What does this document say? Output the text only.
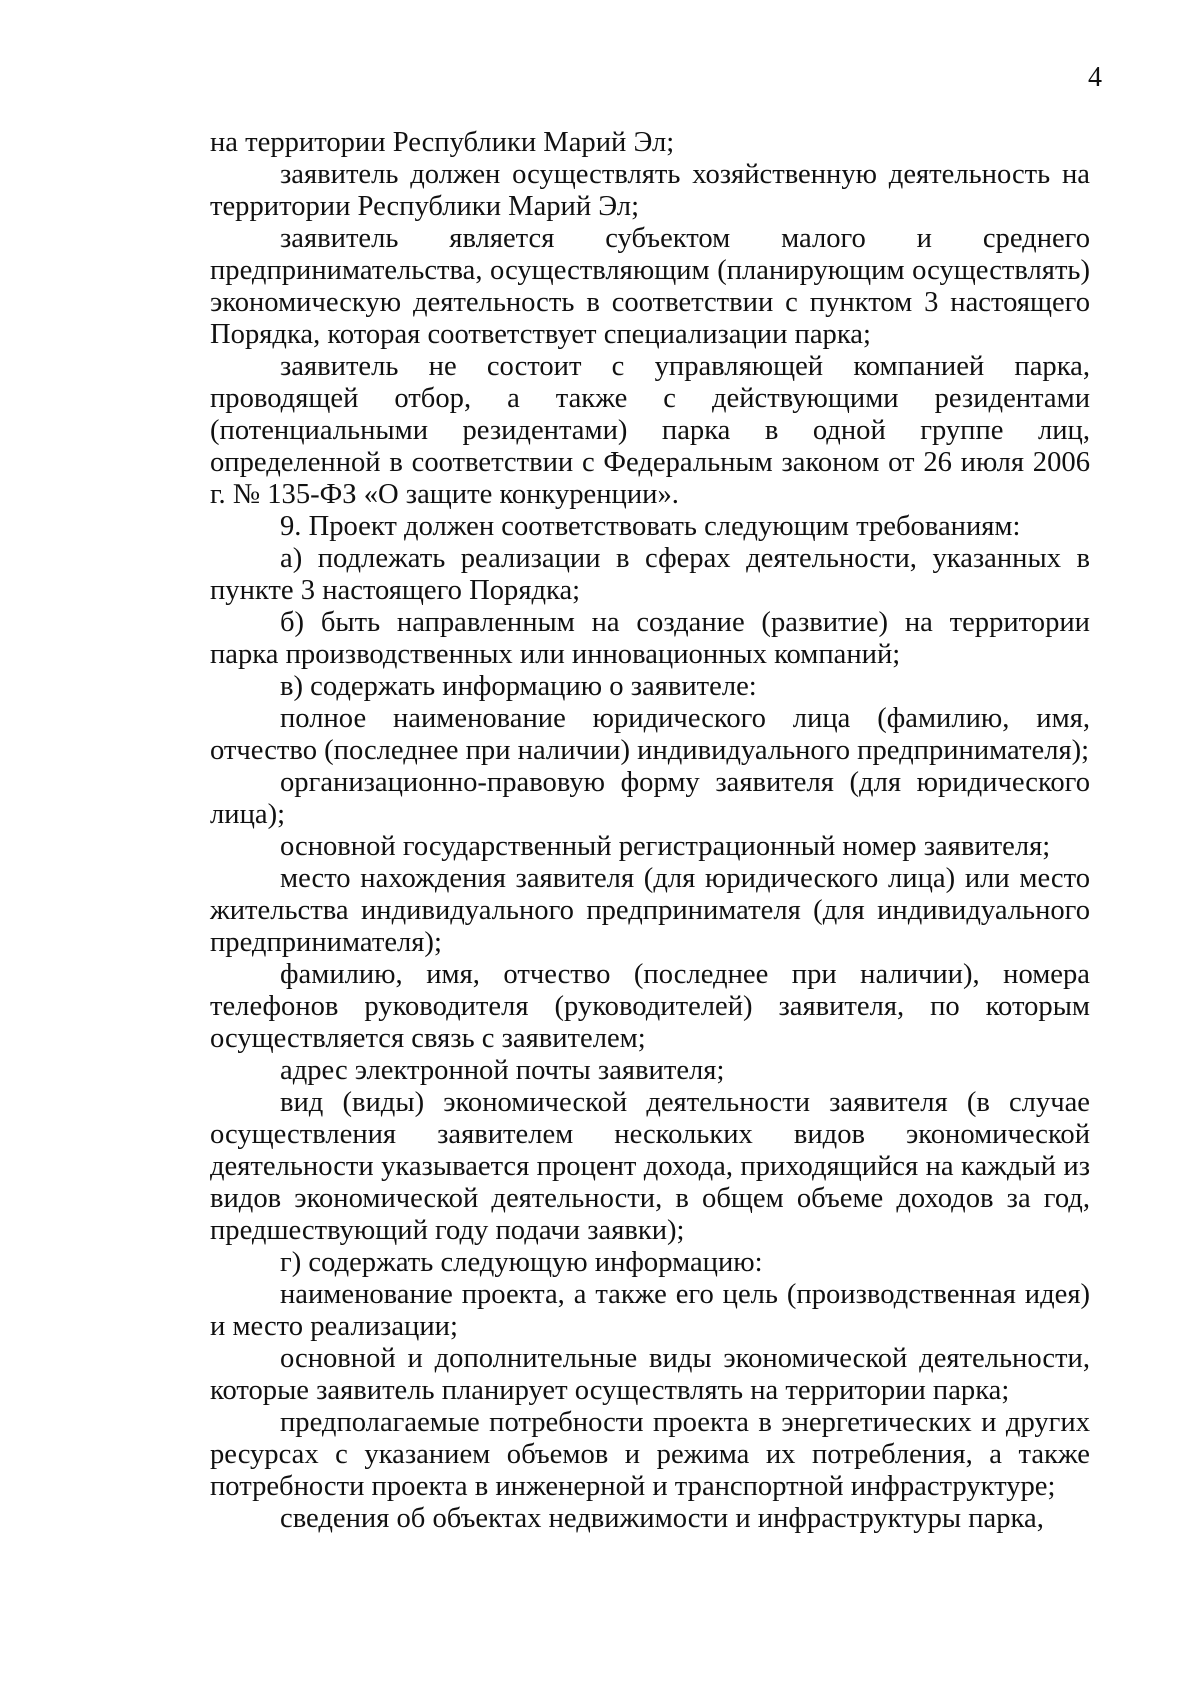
4

на территории Республики Марий Эл;

заявитель должен осуществлять хозяйственную деятельность на территории Республики Марий Эл;

заявитель является субъектом малого и среднего предпринимательства, осуществляющим (планирующим осуществлять) экономическую деятельность в соответствии с пунктом 3 настоящего Порядка, которая соответствует специализации парка;

заявитель не состоит с управляющей компанией парка, проводящей отбор, а также с действующими резидентами (потенциальными резидентами) парка в одной группе лиц, определенной в соответствии с Федеральным законом от 26 июля 2006 г. № 135-ФЗ «О защите конкуренции».

9. Проект должен соответствовать следующим требованиям:

а) подлежать реализации в сферах деятельности, указанных в пункте 3 настоящего Порядка;

б) быть направленным на создание (развитие) на территории парка производственных или инновационных компаний;

в) содержать информацию о заявителе:

полное наименование юридического лица (фамилию, имя, отчество (последнее при наличии) индивидуального предпринимателя);

организационно-правовую форму заявителя (для юридического лица);

основной государственный регистрационный номер заявителя;

место нахождения заявителя (для юридического лица) или место жительства индивидуального предпринимателя (для индивидуального предпринимателя);

фамилию, имя, отчество (последнее при наличии), номера телефонов руководителя (руководителей) заявителя, по которым осуществляется связь с заявителем;

адрес электронной почты заявителя;

вид (виды) экономической деятельности заявителя (в случае осуществления заявителем нескольких видов экономической деятельности указывается процент дохода, приходящийся на каждый из видов экономической деятельности, в общем объеме доходов за год, предшествующий году подачи заявки);

г) содержать следующую информацию:

наименование проекта, а также его цель (производственная идея) и место реализации;

основной и дополнительные виды экономической деятельности, которые заявитель планирует осуществлять на территории парка;

предполагаемые потребности проекта в энергетических и других ресурсах с указанием объемов и режима их потребления, а также потребности проекта в инженерной и транспортной инфраструктуре;

сведения об объектах недвижимости и инфраструктуры парка,
